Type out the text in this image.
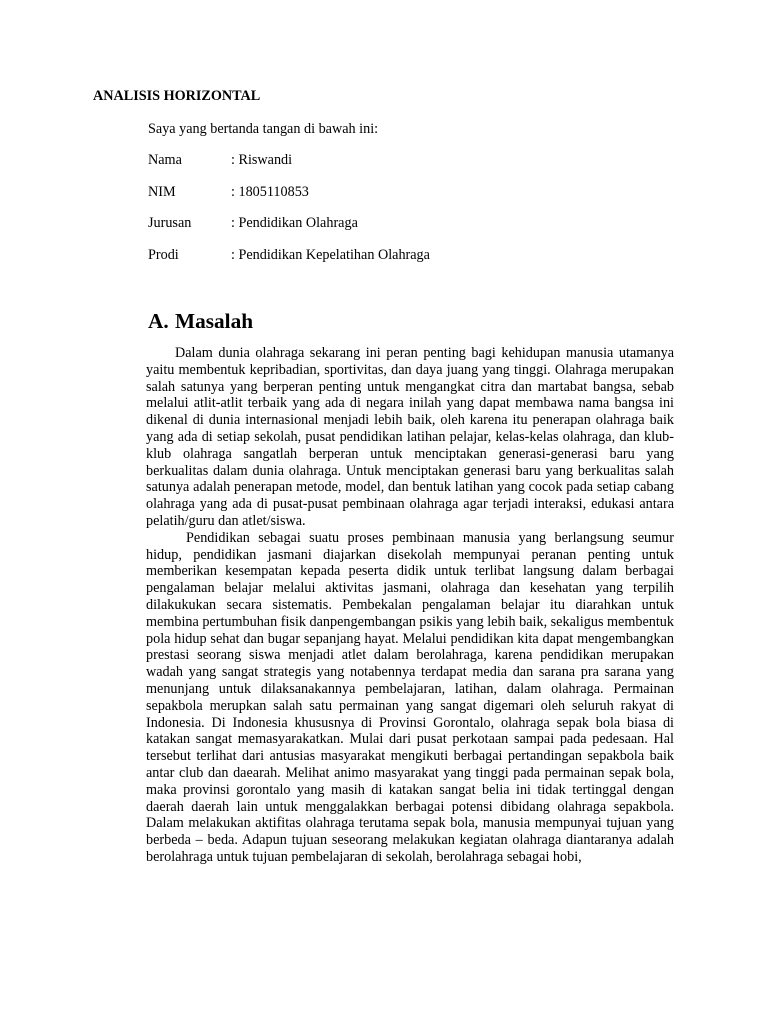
ANALISIS HORIZONTAL

Saya yang bertanda tangan di bawah ini:

Nama	: Riswandi
NIM	: 1805110853
Jurusan	: Pendidikan Olahraga
Prodi	: Pendidikan Kepelatihan Olahraga
A. Masalah

Dalam dunia olahraga sekarang ini peran penting bagi kehidupan manusia utamanya yaitu membentuk kepribadian, sportivitas, dan daya juang yang tinggi. Olahraga merupakan salah satunya yang berperan penting untuk mengangkat citra dan martabat bangsa, sebab melalui atlit-atlit terbaik yang ada di negara inilah yang dapat membawa nama bangsa ini dikenal di dunia internasional menjadi lebih baik, oleh karena itu penerapan olahraga baik yang ada di setiap sekolah, pusat pendidikan latihan pelajar, kelas-kelas olahraga, dan klub-klub olahraga sangatlah berperan untuk menciptakan generasi-generasi baru yang berkualitas dalam dunia olahraga. Untuk menciptakan generasi baru yang berkualitas salah satunya adalah penerapan metode, model, dan bentuk latihan yang cocok pada setiap cabang olahraga yang ada di pusat-pusat pembinaan olahraga agar terjadi interaksi, edukasi antara pelatih/guru dan atlet/siswa.

Pendidikan sebagai suatu proses pembinaan manusia yang berlangsung seumur hidup, pendidikan jasmani diajarkan disekolah mempunyai peranan penting untuk memberikan kesempatan kepada peserta didik untuk terlibat langsung dalam berbagai pengalaman belajar melalui aktivitas jasmani, olahraga dan kesehatan yang terpilih dilakukukan secara sistematis. Pembekalan pengalaman belajar itu diarahkan untuk membina pertumbuhan fisik danpengembangan psikis yang lebih baik, sekaligus membentuk pola hidup sehat dan bugar sepanjang hayat. Melalui pendidikan kita dapat mengembangkan prestasi seorang siswa menjadi atlet dalam berolahraga, karena pendidikan merupakan wadah yang sangat strategis yang notabennya terdapat media dan sarana pra sarana yang menunjang untuk dilaksanakannya pembelajaran, latihan, dalam olahraga. Permainan sepakbola merupkan salah satu permainan yang sangat digemari oleh seluruh rakyat di Indonesia. Di Indonesia khususnya di Provinsi Gorontalo, olahraga sepak bola biasa di katakan sangat memasyarakatkan. Mulai dari pusat perkotaan sampai pada pedesaan. Hal tersebut terlihat dari antusias masyarakat mengikuti berbagai pertandingan sepakbola baik antar club dan daearah. Melihat animo masyarakat yang tinggi pada permainan sepak bola, maka provinsi gorontalo yang masih di katakan sangat belia ini tidak tertinggal dengan daerah daerah lain untuk menggalakkan berbagai potensi dibidang olahraga sepakbola. Dalam melakukan aktifitas olahraga terutama sepak bola, manusia mempunyai tujuan yang berbeda – beda. Adapun tujuan seseorang melakukan kegiatan olahraga diantaranya adalah berolahraga untuk tujuan pembelajaran di sekolah, berolahraga sebagai hobi,
